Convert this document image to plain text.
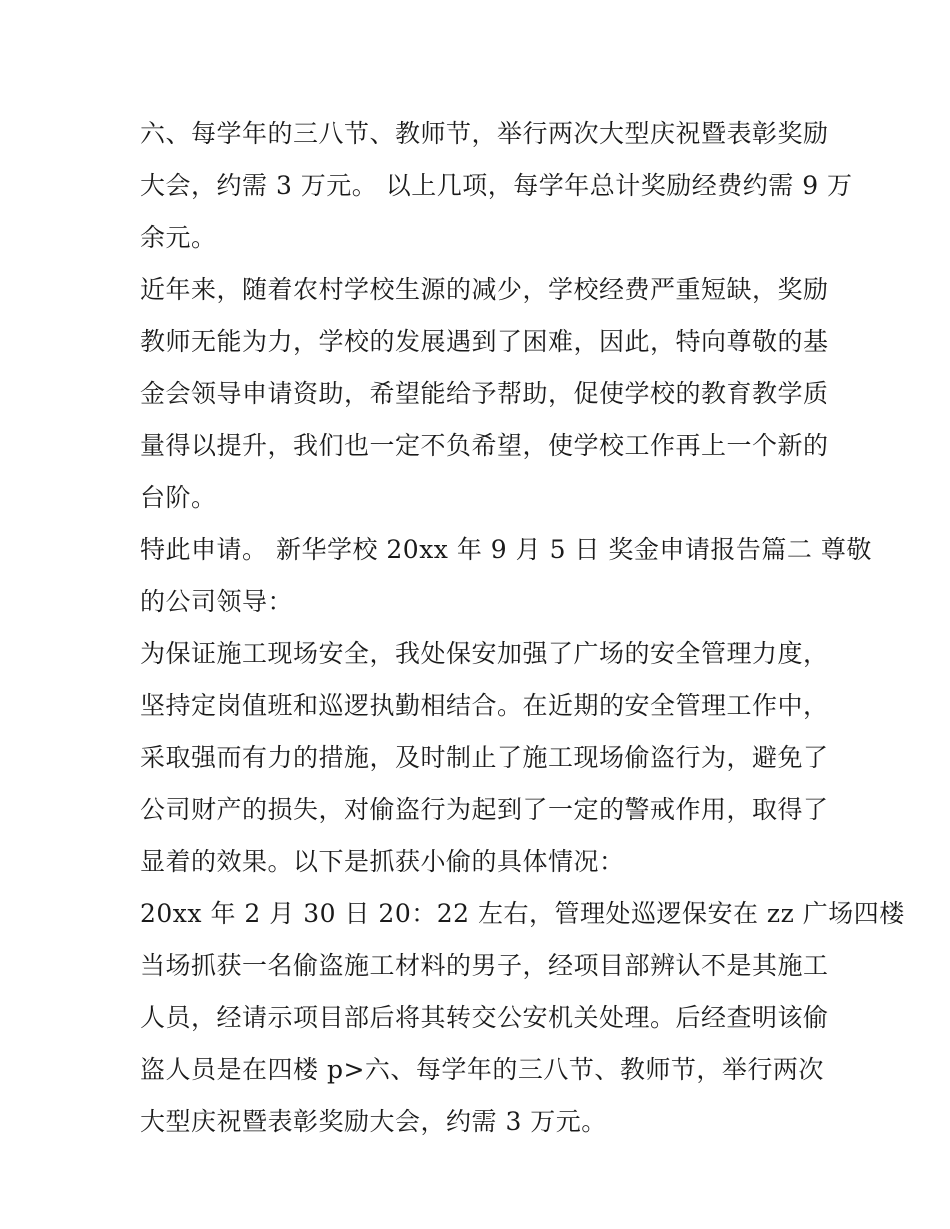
六、每学年的三八节、教师节，举行两次大型庆祝暨表彰奖励
大会，约需 3 万元。 以上几项，每学年总计奖励经费约需 9 万
余元。
近年来，随着农村学校生源的减少，学校经费严重短缺，奖励
教师无能为力，学校的发展遇到了困难，因此，特向尊敬的基
金会领导申请资助，希望能给予帮助，促使学校的教育教学质
量得以提升，我们也一定不负希望，使学校工作再上一个新的
台阶。
特此申请。 新华学校 20xx 年 9 月 5 日 奖金申请报告篇二 尊敬
的公司领导：
为保证施工现场安全，我处保安加强了广场的安全管理力度，
坚持定岗值班和巡逻执勤相结合。在近期的安全管理工作中，
采取强而有力的措施，及时制止了施工现场偷盗行为，避免了
公司财产的损失，对偷盗行为起到了一定的警戒作用，取得了
显着的效果。以下是抓获小偷的具体情况：
20xx 年 2 月 30 日 20：22 左右，管理处巡逻保安在 zz 广场四楼
当场抓获一名偷盗施工材料的男子，经项目部辨认不是其施工
人员，经请示项目部后将其转交公安机关处理。后经查明该偷
盗人员是在四楼 p>六、每学年的三八节、教师节，举行两次
大型庆祝暨表彰奖励大会，约需 3 万元。
